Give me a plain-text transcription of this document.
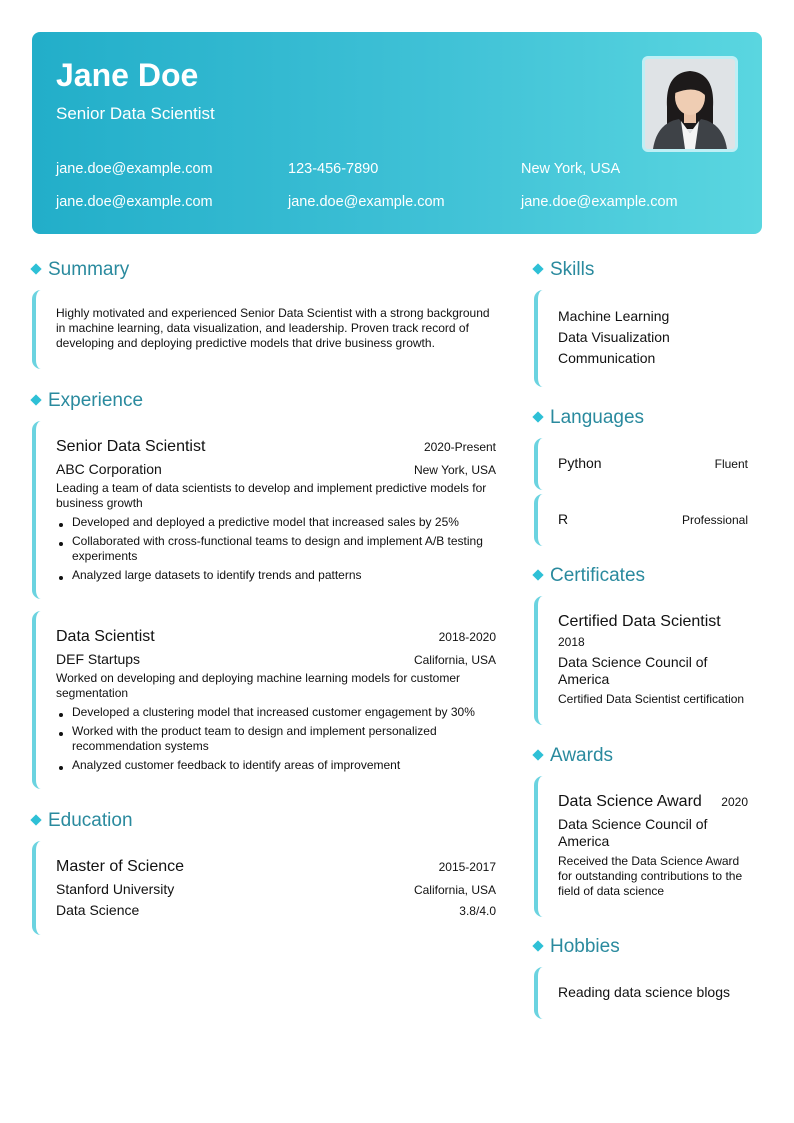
Jane Doe
Senior Data Scientist
jane.doe@example.com	123-456-7890	New York, USA
jane.doe@example.com	jane.doe@example.com	jane.doe@example.com
Summary
Highly motivated and experienced Senior Data Scientist with a strong background in machine learning, data visualization, and leadership. Proven track record of developing and deploying predictive models that drive business growth.
Experience
Senior Data Scientist	2020-Present
ABC Corporation	New York, USA
Leading a team of data scientists to develop and implement predictive models for business growth
Developed and deployed a predictive model that increased sales by 25%
Collaborated with cross-functional teams to design and implement A/B testing experiments
Analyzed large datasets to identify trends and patterns
Data Scientist	2018-2020
DEF Startups	California, USA
Worked on developing and deploying machine learning models for customer segmentation
Developed a clustering model that increased customer engagement by 30%
Worked with the product team to design and implement personalized recommendation systems
Analyzed customer feedback to identify areas of improvement
Education
Master of Science	2015-2017
Stanford University	California, USA
Data Science	3.8/4.0
Skills
Machine Learning
Data Visualization
Communication
Languages
Python	Fluent
R	Professional
Certificates
Certified Data Scientist
2018
Data Science Council of America
Certified Data Scientist certification
Awards
Data Science Award 2020
Data Science Council of America
Received the Data Science Award for outstanding contributions to the field of data science
Hobbies
Reading data science blogs
